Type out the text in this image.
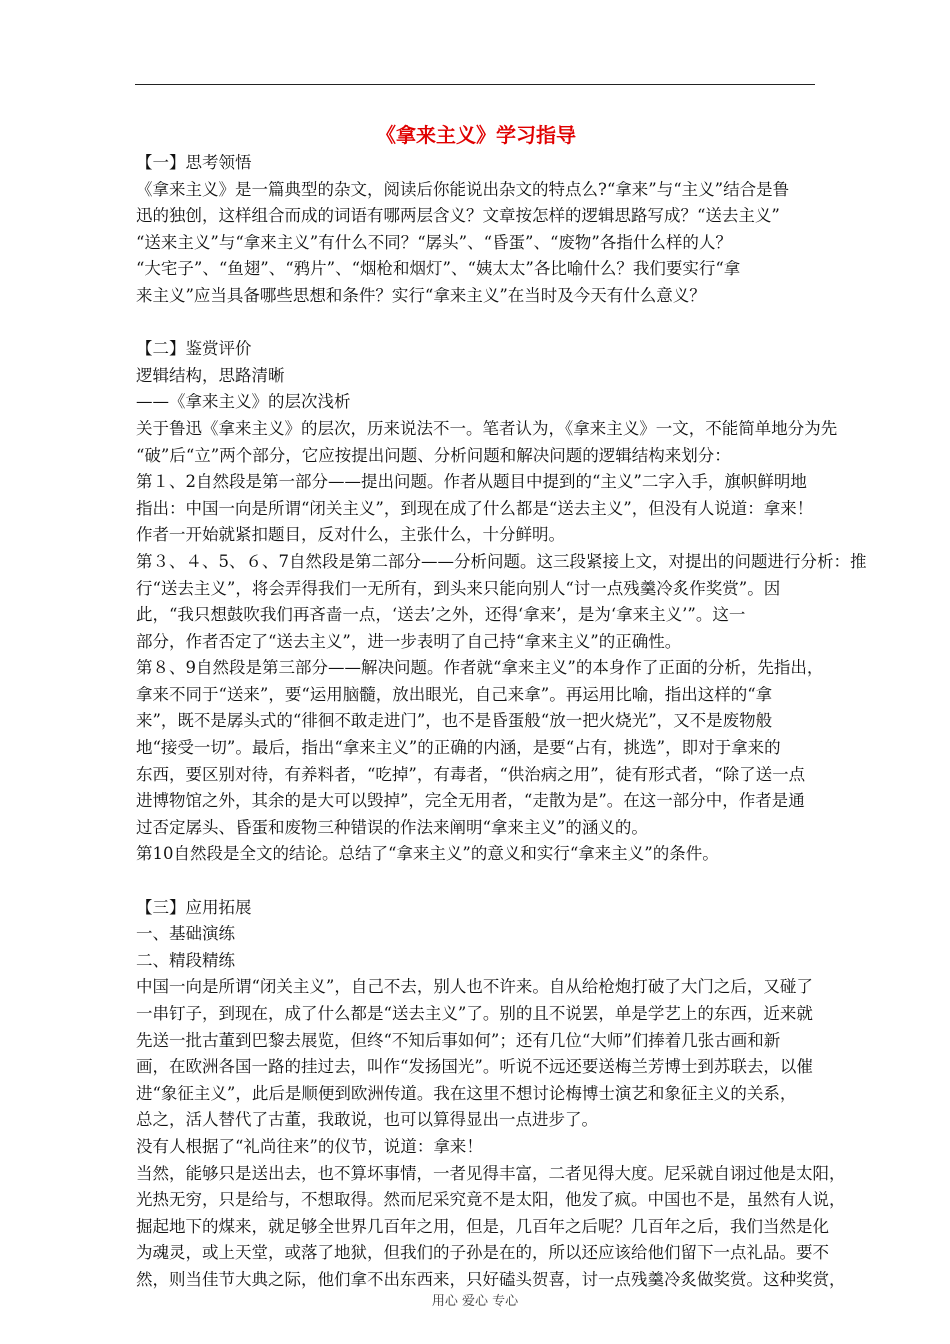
《拿来主义》学习指导
【一】思考领悟
《拿来主义》是一篇典型的杂文，阅读后你能说出杂文的特点么?“拿来”与“主义”结合是鲁
迅的独创，这样组合而成的词语有哪两层含义？文章按怎样的逻辑思路写成？“送去主义”
“送来主义”与“拿来主义”有什么不同？“孱头”、“昏蛋”、“废物”各指什么样的人？
“大宅子”、“鱼翅”、“鸦片”、“烟枪和烟灯”、“姨太太”各比喻什么？我们要实行“拿
来主义”应当具备哪些思想和条件？实行“拿来主义”在当时及今天有什么意义？
【二】鉴赏评价
逻辑结构，思路清晰
——《拿来主义》的层次浅析
关于鲁迅《拿来主义》的层次，历来说法不一。笔者认为，《拿来主义》一文，不能简单地分为先
“破”后“立”两个部分，它应按提出问题、分析问题和解决问题的逻辑结构来划分：
第１、2自然段是第一部分——提出问题。作者从题目中提到的“主义”二字入手，旗帜鲜明地
指出：中国一向是所谓“闭关主义”，到现在成了什么都是“送去主义”，但没有人说道：拿来！
作者一开始就紧扣题目，反对什么，主张什么，十分鲜明。
第３、４、5、６、7自然段是第二部分——分析问题。这三段紧接上文，对提出的问题进行分析：推
行“送去主义”，将会弄得我们一无所有，到头来只能向别人“讨一点残羹冷炙作奖赏”。因
此，“我只想鼓吹我们再吝啬一点，‘送去’之外，还得‘拿来’，是为‘拿来主义’”。这一
部分，作者否定了“送去主义”，进一步表明了自己持“拿来主义”的正确性。
第８、9自然段是第三部分——解决问题。作者就“拿来主义”的本身作了正面的分析，先指出，
拿来不同于“送来”，要“运用脑髓，放出眼光，自己来拿”。再运用比喻，指出这样的“拿
来”，既不是孱头式的“徘徊不敢走进门”，也不是昏蛋般“放一把火烧光”，又不是废物般
地“接受一切”。最后，指出“拿来主义”的正确的内涵，是要“占有，挑选”，即对于拿来的
东西，要区别对待，有养料者，“吃掉”，有毒者，“供治病之用”，徒有形式者，“除了送一点
进博物馆之外，其余的是大可以毁掉”，完全无用者，“走散为是”。在这一部分中，作者是通
过否定孱头、昏蛋和废物三种错误的作法来阐明“拿来主义”的涵义的。
第10自然段是全文的结论。总结了“拿来主义”的意义和实行“拿来主义”的条件。
【三】应用拓展
一、基础演练
二、精段精练
中国一向是所谓“闭关主义”，自己不去，别人也不许来。自从给枪炮打破了大门之后，又碰了
一串钉子，到现在，成了什么都是“送去主义”了。别的且不说罢，单是学艺上的东西，近来就
先送一批古董到巴黎去展览，但终“不知后事如何”；还有几位“大师”们捧着几张古画和新
画，在欧洲各国一路的挂过去，叫作“发扬国光”。听说不远还要送梅兰芳博士到苏联去，以催
进“象征主义”，此后是顺便到欧洲传道。我在这里不想讨论梅博士演艺和象征主义的关系，
总之，活人替代了古董，我敢说，也可以算得显出一点进步了。
没有人根据了“礼尚往来”的仪节，说道：拿来！
当然，能够只是送出去，也不算坏事情，一者见得丰富，二者见得大度。尼采就自诩过他是太阳，
光热无穷，只是给与，不想取得。然而尼采究竟不是太阳，他发了疯。中国也不是，虽然有人说，
掘起地下的煤来，就足够全世界几百年之用，但是，几百年之后呢？几百年之后，我们当然是化
为魂灵，或上天堂，或落了地狱，但我们的子孙是在的，所以还应该给他们留下一点礼品。要不
然，则当佳节大典之际，他们拿不出东西来，只好磕头贺喜，讨一点残羹冷炙做奖赏。这种奖赏，
用心 爱心 专心
